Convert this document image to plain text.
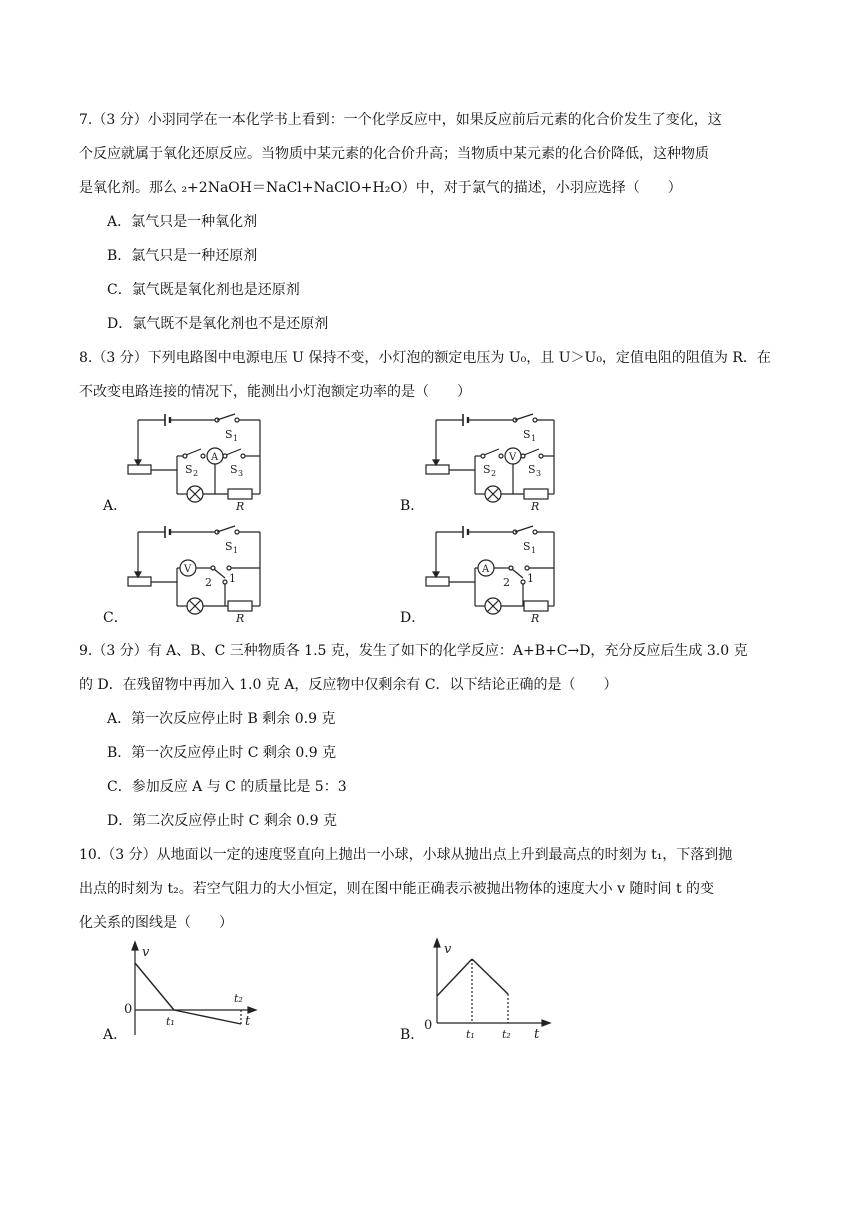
7.（3 分）小羽同学在一本化学书上看到：一个化学反应中，如果反应前后元素的化合价发生了变化，这
个反应就属于氧化还原反应。当物质中某元素的化合价升高；当物质中某元素的化合价降低，这种物质
是氧化剂。那么 ₂+2NaOH＝NaCl+NaClO+H₂O）中，对于氯气的描述，小羽应选择（　　）
A．氯气只是一种氧化剂
B．氯气只是一种还原剂
C．氯气既是氧化剂也是还原剂
D．氯气既不是氧化剂也不是还原剂
8.（3 分）下列电路图中电源电压 U 保持不变，小灯泡的额定电压为 U₀，且 U＞U₀，定值电阻的阻值为 R．在
不改变电路连接的情况下，能测出小灯泡额定功率的是（　　）
A．
S 1
S 2	S 3
A
R	B．
S 1
S 2	S 3
V
R
C．
S 1
V
2 1
R	D．
S 1
A
2 1
R
9.（3 分）有 A、B、C 三种物质各 1.5 克，发生了如下的化学反应：A+B+C→D，充分反应后生成 3.0 克
的 D．在残留物中再加入 1.0 克 A，反应物中仅剩余有 C．以下结论正确的是（　　）
A．第一次反应停止时 B 剩余 0.9 克
B．第一次反应停止时 C 剩余 0.9 克
C．参加反应 A 与 C 的质量比是 5：3
D．第二次反应停止时 C 剩余 0.9 克
10.（3 分）从地面以一定的速度竖直向上抛出一小球，小球从抛出点上升到最高点的时刻为 t₁，下落到抛
出点的时刻为 t₂。若空气阻力的大小恒定，则在图中能正确表示被抛出物体的速度大小 v 随时间 t 的变
化关系的图线是（　　）
A．
v
t
t₁
t₂
0
B．
v
t
t₁ t₂
0
